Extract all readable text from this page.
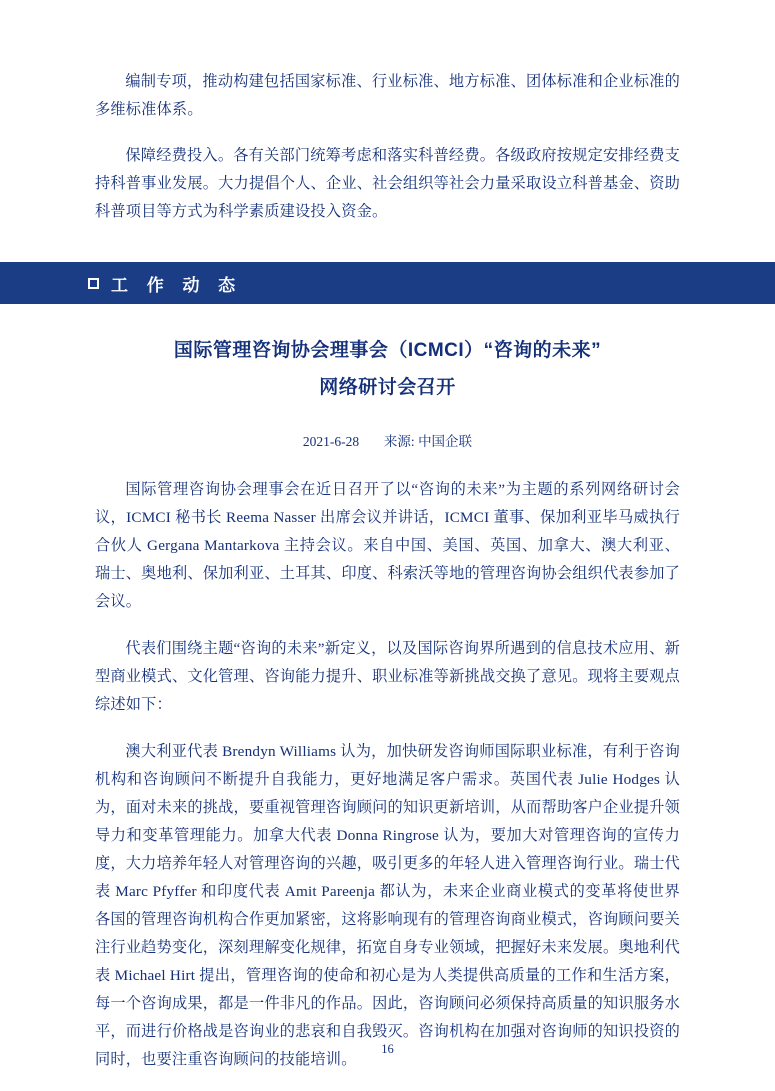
编制专项，推动构建包括国家标准、行业标准、地方标准、团体标准和企业标准的多维标准体系。

保障经费投入。各有关部门统筹考虑和落实科普经费。各级政府按规定安排经费支持科普事业发展。大力提倡个人、企业、社会组织等社会力量采取设立科普基金、资助科普项目等方式为科学素质建设投入资金。

工 作 动 态
国际管理咨询协会理事会（ICMCI）“咨询的未来”
网络研讨会召开
2021-6-28 来源: 中国企联

国际管理咨询协会理事会在近日召开了以“咨询的未来”为主题的系列网络研讨会议，ICMCI 秘书长 Reema Nasser 出席会议并讲话，ICMCI 董事、保加利亚毕马威执行合伙人 Gergana Mantarkova 主持会议。来自中国、美国、英国、加拿大、澳大利亚、瑞士、奥地利、保加利亚、土耳其、印度、科索沃等地的管理咨询协会组织代表参加了会议。

代表们围绕主题“咨询的未来”新定义，以及国际咨询界所遇到的信息技术应用、新型商业模式、文化管理、咨询能力提升、职业标准等新挑战交换了意见。现将主要观点综述如下：

澳大利亚代表 Brendyn Williams 认为，加快研发咨询师国际职业标准，有利于咨询机构和咨询顾问不断提升自我能力，更好地满足客户需求。英国代表 Julie Hodges 认为，面对未来的挑战，要重视管理咨询顾问的知识更新培训，从而帮助客户企业提升领导力和变革管理能力。加拿大代表 Donna Ringrose 认为，要加大对管理咨询的宣传力度，大力培养年轻人对管理咨询的兴趣，吸引更多的年轻人进入管理咨询行业。瑞士代表 Marc Pfyffer 和印度代表 Amit Pareenja 都认为，未来企业商业模式的变革将使世界各国的管理咨询机构合作更加紧密，这将影响现有的管理咨询商业模式，咨询顾问要关注行业趋势变化，深刻理解变化规律，拓宽自身专业领域，把握好未来发展。奥地利代表 Michael Hirt 提出，管理咨询的使命和初心是为人类提供高质量的工作和生活方案，每一个咨询成果，都是一件非凡的作品。因此，咨询顾问必须保持高质量的知识服务水平，而进行价格战是咨询业的悲哀和自我毁灭。咨询机构在加强对咨询师的知识投资的同时，也要注重咨询顾问的技能培训。

16
